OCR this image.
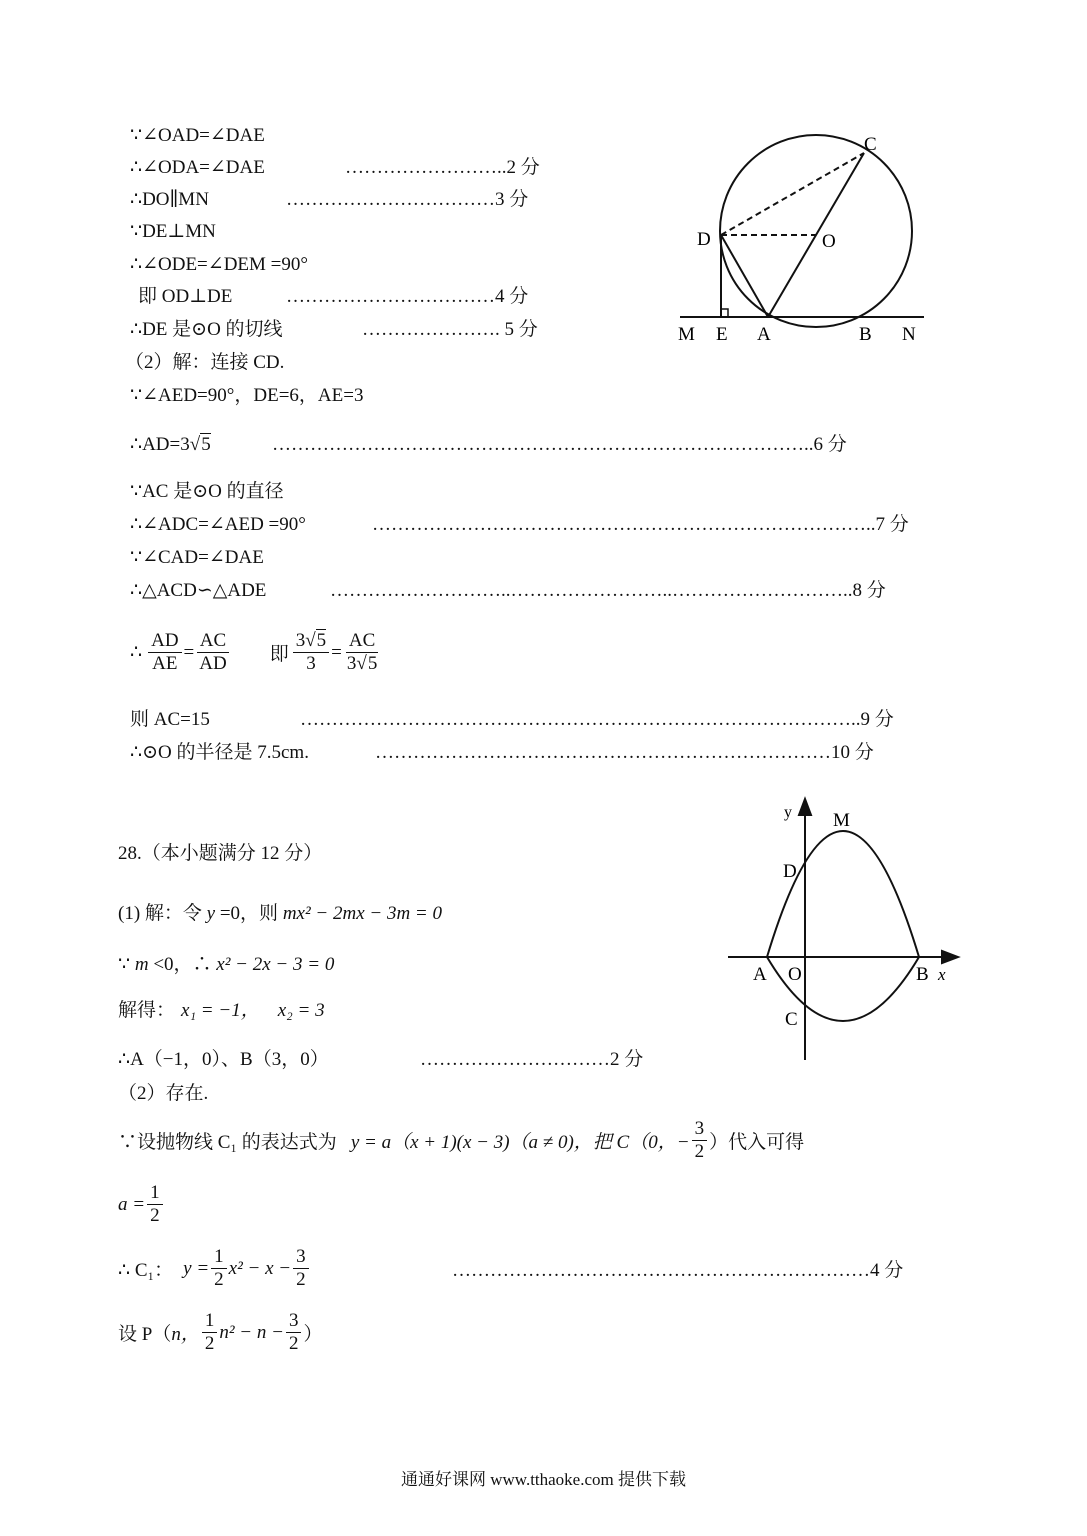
∵∠OAD=∠DAE
∴∠ODA=∠DAE	……………………..2 分
∴DO∥MN	……………………………3 分
∵DE⊥MN
∴∠ODE=∠DEM =90°
即 OD⊥DE	……………………………4 分
∴DE 是⊙O 的切线	…………………. 5 分
（2）解：连接 CD.
∵∠AED=90°，DE=6，AE=3
∴AD=3√5	…………………………………………………………………………..6 分
∵AC 是⊙O 的直径
∴∠ADC=∠AED =90°	……………………………………………………………………..7 分
∵∠CAD=∠DAE
∴△ACD∽△ADE	………………………..……………………..………………………..8 分
∴ $\frac{AD}{AE} = \frac{AC}{AD}$ 即 $\frac{3√5}{3} = \frac{AC}{3√5}$
则 AC=15	……………………………………………………………………………..9 分
∴⊙O 的半径是 7.5cm.	………………………………………………………………10 分
C
D	O
M E A	B N
28.（本小题满分 12 分）
(1) 解：令 y =0，则 mx² − 2mx − 3m = 0
∵ m <0，∴ x² − 2x − 3 = 0
解得： x₁ = −1， x₂ = 3
∴A（−1，0）、B（3，0）	…………………………2 分
（2）存在.
∵设抛物线 C₁ 的表达式为 y = a（x + 1)(x − 3)（a ≠ 0)，把 C（0，− $\frac{3}{2}$ ）代入可得
$a = \frac{1}{2}$
∴ C₁： $y = \frac{1}{2} x^2 - x - \frac{3}{2}$	…………………………………………………………4 分
设 P（ n， $\frac{1}{2} n^2 - n - \frac{3}{2}$ ）
y M
D
A O	B x
C
通通好课网 www.tthaoke.com 提供下载
